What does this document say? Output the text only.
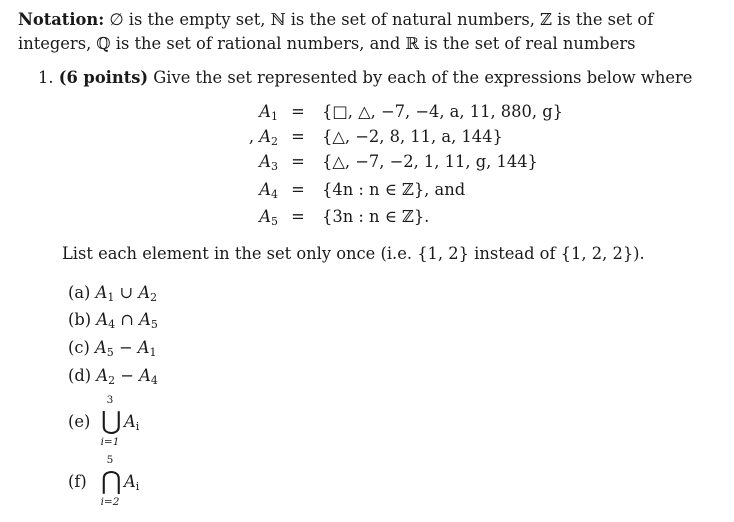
Notation: ∅ is the empty set, ℕ is the set of natural numbers, ℤ is the set of integers, ℚ is the set of rational numbers, and ℝ is the set of real numbers
1. (6 points) Give the set represented by each of the expressions below where
$A_1$ = {□, △, −7, −4, a, 11, 880, g}
, $A_2$ = {△, −2, 8, 11, a, 144}
$A_3$ = {△, −7, −2, 1, 11, g, 144}
$A_4 = \{4n$ : n ∈ ℤ}, and
$A_5 = \{3n$ : n ∈ ℤ}.
List each element in the set only once (i.e. {1, 2} instead of {1, 2, 2}).
(a) $A_1$ ∪ $A_2$
(b) $A_4$ ∩ $A_5$
(c) $A_5 - A_1$
(d) $A_2 - A_4$
(e)
3
⋃
i=1
$A_i$
(f)
5
⋂
i=2
$A_i$
